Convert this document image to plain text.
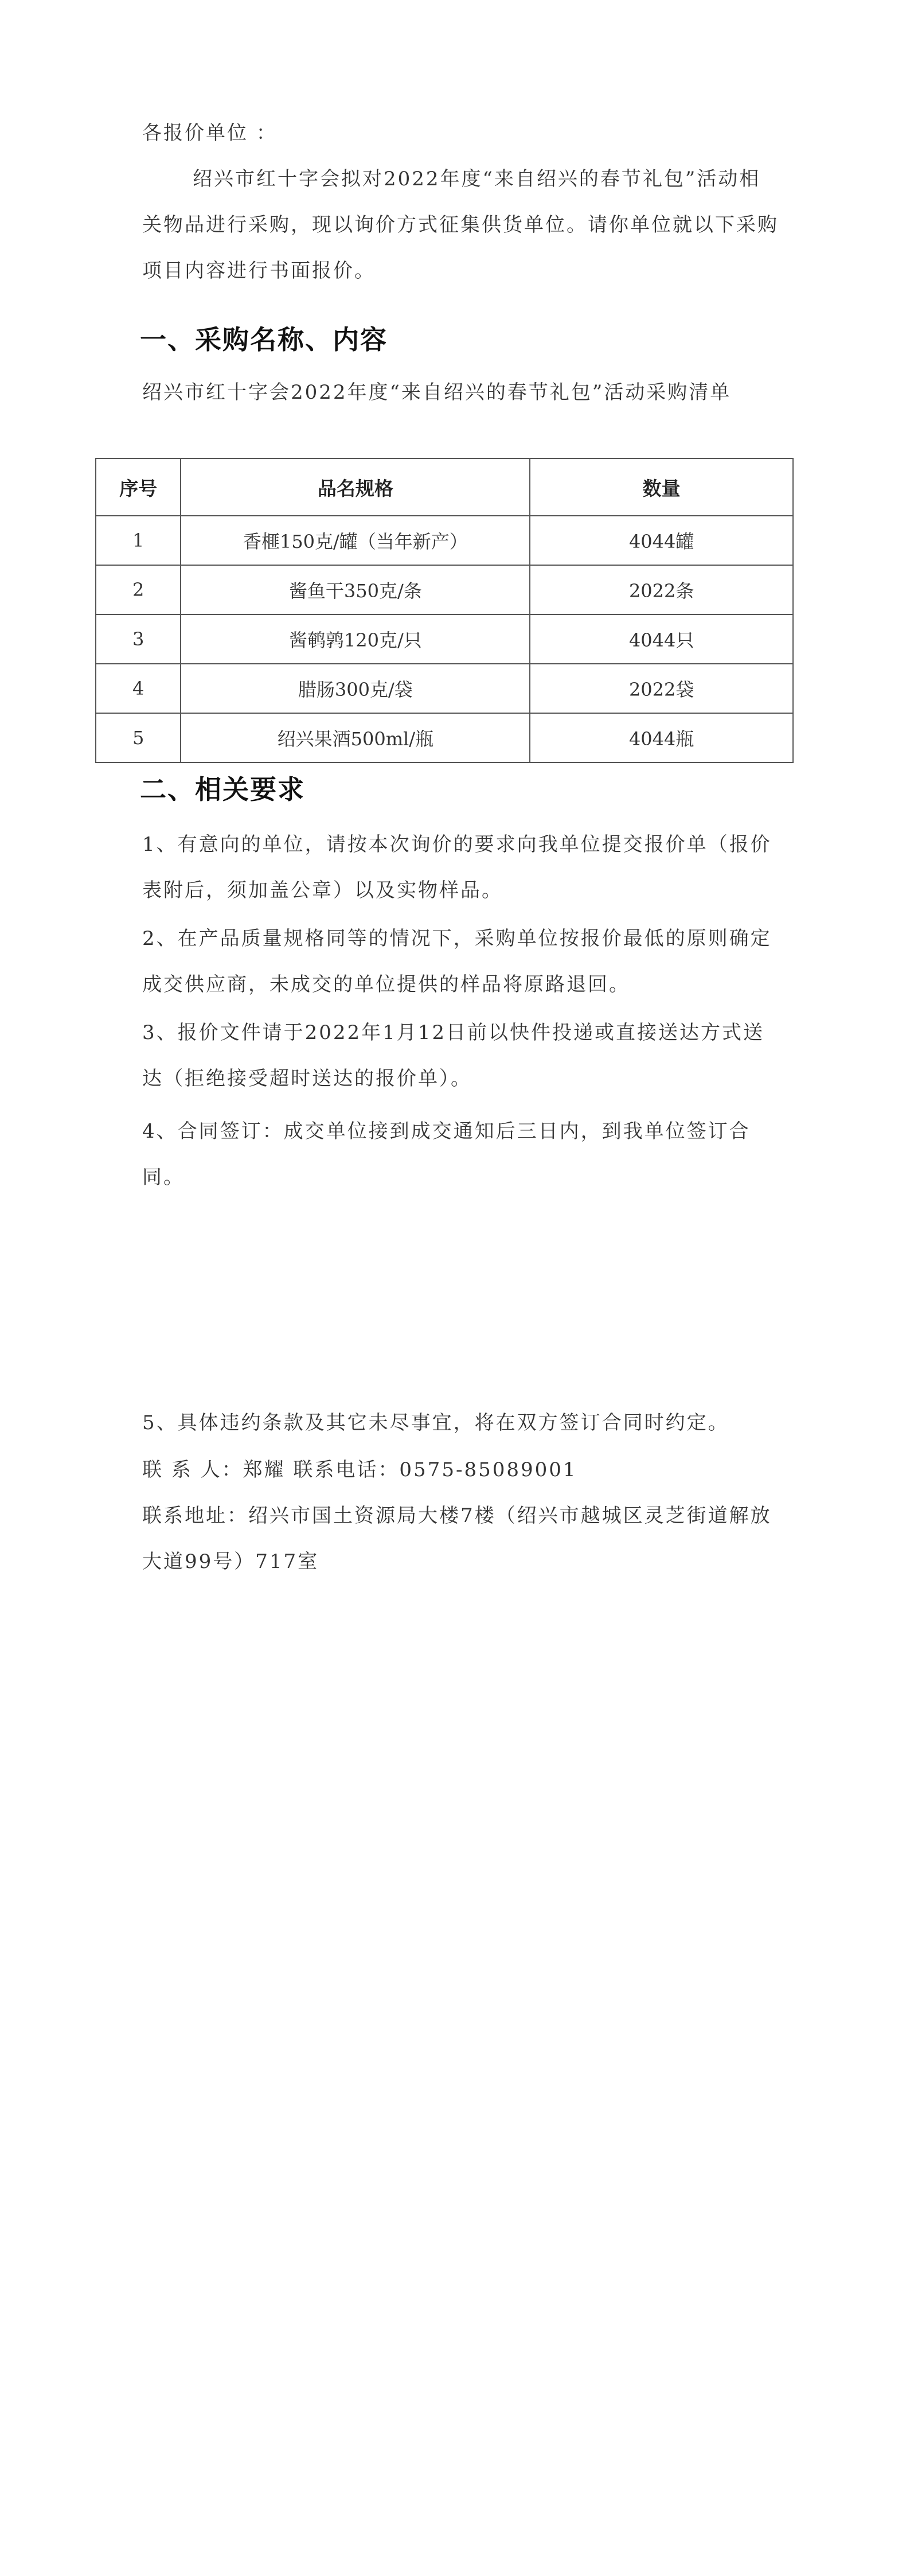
各报价单位 ：

绍兴市红十字会拟对2022年度“来自绍兴的春节礼包”活动相关物品进行采购，现以询价方式征集供货单位。请你单位就以下采购项目内容进行书面报价。

一、采购名称、内容

绍兴市红十字会2022年度“来自绍兴的春节礼包”活动采购清单

序号	品名规格	数量
1	香榧150克/罐（当年新产）	4044罐
2	酱鱼干350克/条	2022条
3	酱鹌鹑120克/只	4044只
4	腊肠300克/袋	2022袋
5	绍兴果酒500ml/瓶	4044瓶
二、相关要求

1、有意向的单位，请按本次询价的要求向我单位提交报价单（报价表附后，须加盖公章）以及实物样品。

2、在产品质量规格同等的情况下，采购单位按报价最低的原则确定成交供应商，未成交的单位提供的样品将原路退回。

3、报价文件请于2022年1月12日前以快件投递或直接送达方式送达（拒绝接受超时送达的报价单）。

4、合同签订：成交单位接到成交通知后三日内，到我单位签订合同。

5、具体违约条款及其它未尽事宜，将在双方签订合同时约定。

联 系 人：郑耀 联系电话：0575-85089001

联系地址：绍兴市国土资源局大楼7楼（绍兴市越城区灵芝街道解放大道99号）717室
